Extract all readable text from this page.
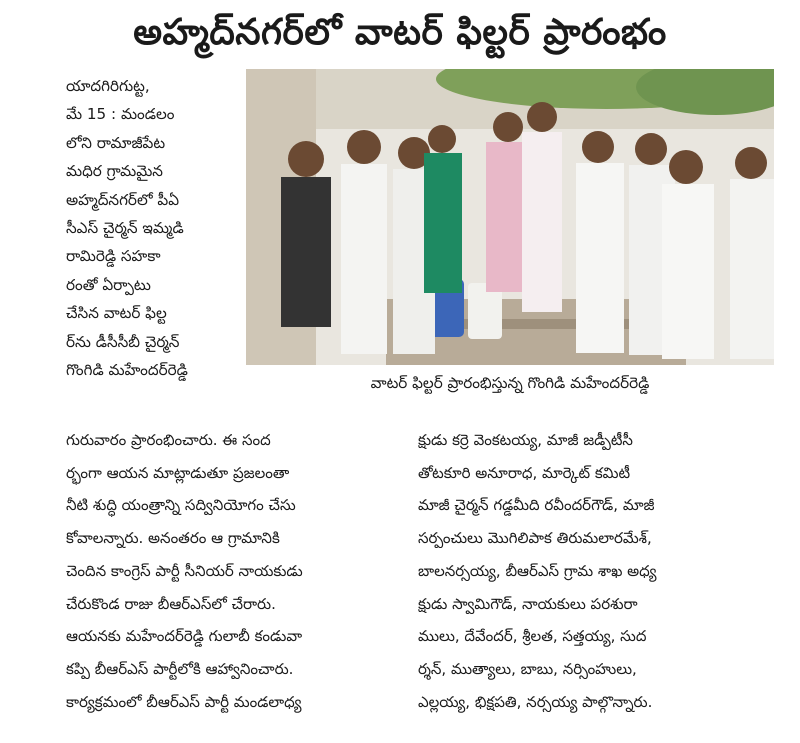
అహ్మద్‌నగర్‌లో వాటర్ ఫిల్టర్ ప్రారంభం
యాదగిరిగుట్ట,
మే 15 : మండలం
లోని రామాజీపేట
మధిర గ్రామమైన
అహ్మద్‌నగర్‌లో పీఏ
సీఎస్ చైర్మన్ ఇమ్మడి
రామిరెడ్డి సహకా
రంతో ఏర్పాటు
చేసిన వాటర్ ఫిల్ట
ర్‌ను డీసీసీబీ చైర్మన్
గొంగిడి మహేందర్‌రెడ్డి
వాటర్ ఫిల్టర్ ప్రారంభిస్తున్న గొంగిడి మహేందర్‌రెడ్డి
గురువారం ప్రారంభించారు. ఈ సంద
ర్భంగా ఆయన మాట్లాడుతూ ప్రజలంతా
నీటి శుద్ధి యంత్రాన్ని సద్వినియోగం చేసు
కోవాలన్నారు. అనంతరం ఆ గ్రామానికి
చెందిన కాంగ్రెస్ పార్టీ సీనియర్ నాయకుడు
చేరుకొండ రాజు బీఆర్‌ఎస్‌లో చేరారు.
ఆయనకు మహేందర్‌రెడ్డి గులాబీ కండువా
కప్పి బీఆర్‌ఎస్ పార్టీలోకి ఆహ్వానించారు.
కార్యక్రమంలో బీఆర్‌ఎస్ పార్టీ మండలాధ్య
క్షుడు కర్రె వెంకటయ్య, మాజీ జడ్పీటీసీ
తోటకూరి అనూరాధ, మార్కెట్ కమిటీ
మాజీ చైర్మన్ గడ్డమీది రవీందర్‌గౌడ్, మాజీ
సర్పంచులు మొగిలిపాక తిరుమలారమేశ్,
బాలనర్సయ్య, బీఆర్‌ఎస్ గ్రామ శాఖ అధ్య
క్షుడు స్వామిగౌడ్, నాయకులు పరశురా
ములు, దేవేందర్, శ్రీలత, సత్తయ్య, సుద
ర్శన్, ముత్యాలు, బాబు, నర్సింహులు,
ఎల్లయ్య, భిక్షపతి, నర్సయ్య పాల్గొన్నారు.
